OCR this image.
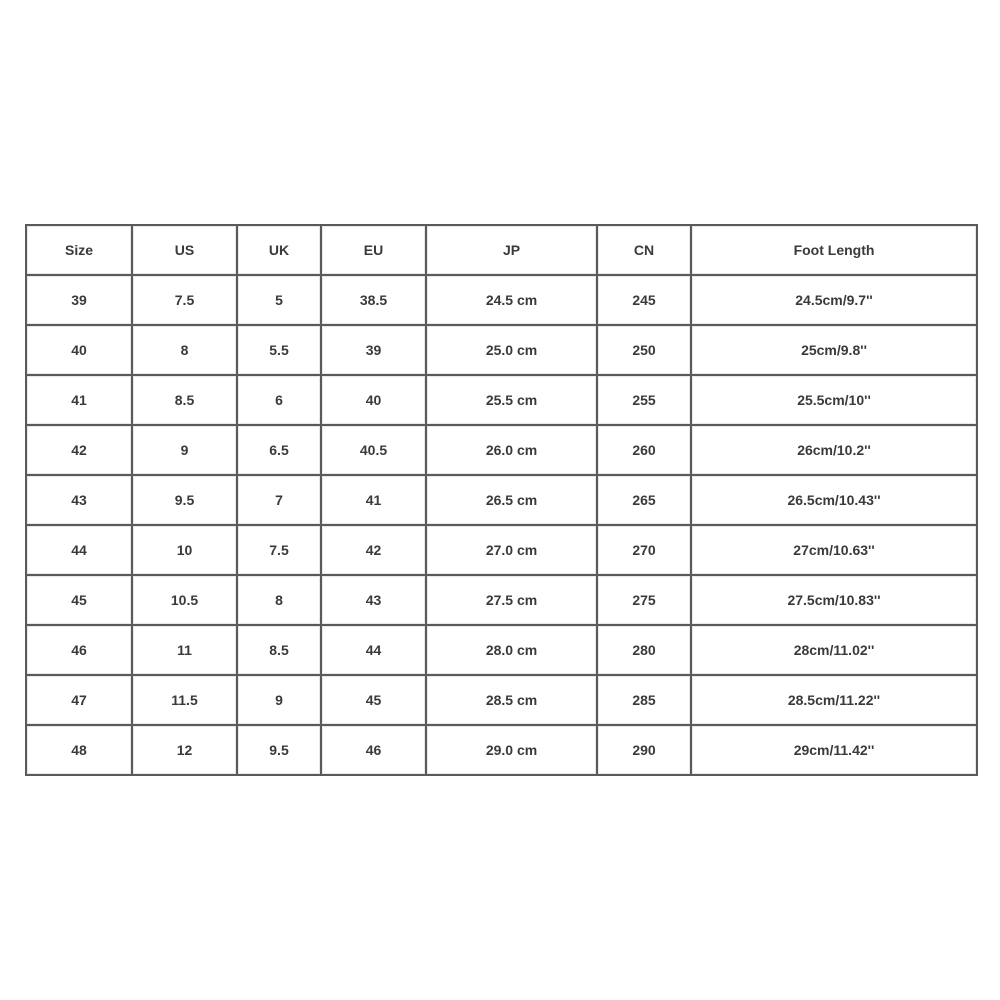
Size	US	UK	EU	JP	CN	Foot Length
39	7.5	5	38.5	24.5 cm	245	24.5cm/9.7''
40	8	5.5	39	25.0 cm	250	25cm/9.8''
41	8.5	6	40	25.5 cm	255	25.5cm/10''
42	9	6.5	40.5	26.0 cm	260	26cm/10.2''
43	9.5	7	41	26.5 cm	265	26.5cm/10.43''
44	10	7.5	42	27.0 cm	270	27cm/10.63''
45	10.5	8	43	27.5 cm	275	27.5cm/10.83''
46	11	8.5	44	28.0 cm	280	28cm/11.02''
47	11.5	9	45	28.5 cm	285	28.5cm/11.22''
48	12	9.5	46	29.0 cm	290	29cm/11.42''
